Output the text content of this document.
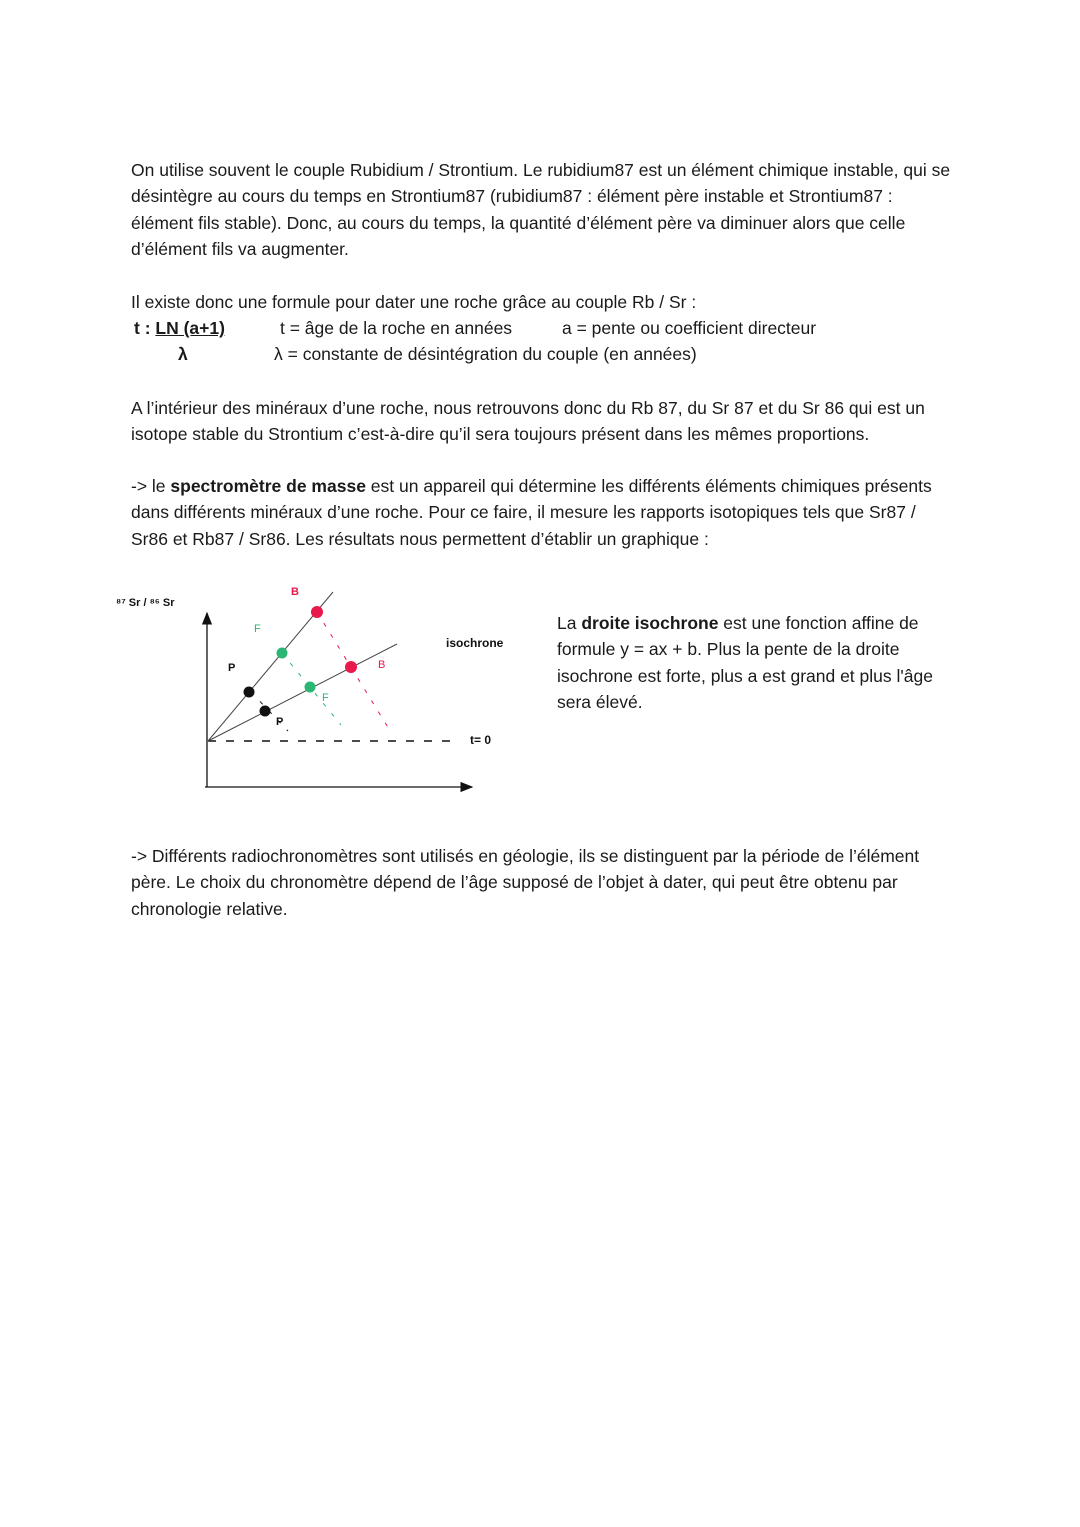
On utilise souvent le couple Rubidium / Strontium. Le rubidium87 est un élément chimique instable, qui se désintègre au cours du temps en Strontium87 (rubidium87 : élément père instable et Strontium87 : élément fils stable). Donc, au cours du temps, la quantité d’élément père va diminuer alors que celle d’élément fils va augmenter.

Il existe donc une formule pour dater une roche grâce au couple Rb / Sr :

t : LN (a+1)
λ
t = âge de la roche en années	a = pente ou coefficient directeur
λ = constante de désintégration du couple (en années)

A l’intérieur des minéraux d’une roche, nous retrouvons donc du Rb 87, du Sr 87 et du Sr 86 qui est un isotope stable du Strontium c’est-à-dire qu’il sera toujours présent dans les mêmes proportions.

-> le spectromètre de masse est un appareil qui détermine les différents éléments chimiques présents dans différents minéraux d’une roche. Pour ce faire, il mesure les rapports isotopiques tels que Sr87 / Sr86 et Rb87 / Sr86. Les résultats nous permettent d’établir un graphique :

⁸⁷ Sr / ⁸⁶ Sr
P
F
B
P
F
B
isochrone
t= 0

La droite isochrone est une fonction affine de formule y = ax + b. Plus la pente de la droite isochrone est forte, plus a est grand et plus l'âge sera élevé.

-> Différents radiochronomètres sont utilisés en géologie, ils se distinguent par la période de l’élément père. Le choix du chronomètre dépend de l’âge supposé de l’objet à dater, qui peut être obtenu par chronologie relative.
